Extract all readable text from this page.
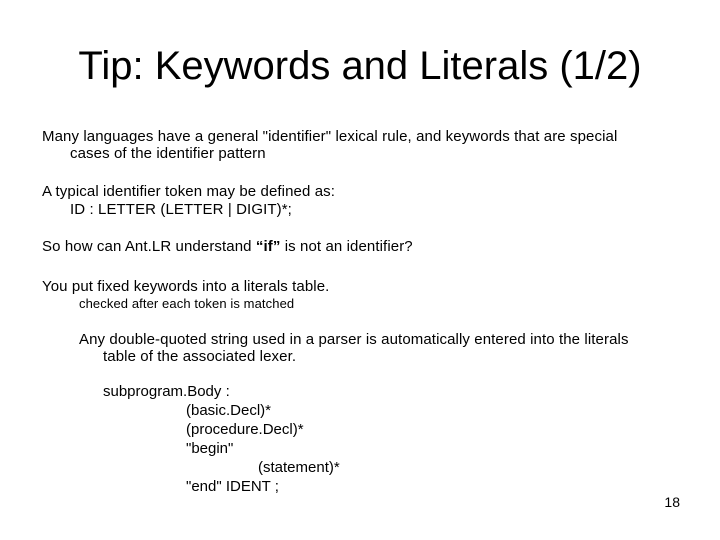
Tip: Keywords and Literals (1/2)
Many languages have a general "identifier" lexical rule, and keywords that are special
cases of the identifier pattern
A typical identifier token may be defined as:
ID : LETTER (LETTER | DIGIT)*;
So how can Ant.LR understand “if” is not an identifier?
You put fixed keywords into a literals table.
checked after each token is matched
Any double-quoted string used in a parser is automatically entered into the literals
table of the associated lexer.
subprogram.Body :
(basic.Decl)*
(procedure.Decl)*
"begin"
(statement)*
"end" IDENT ;
18
